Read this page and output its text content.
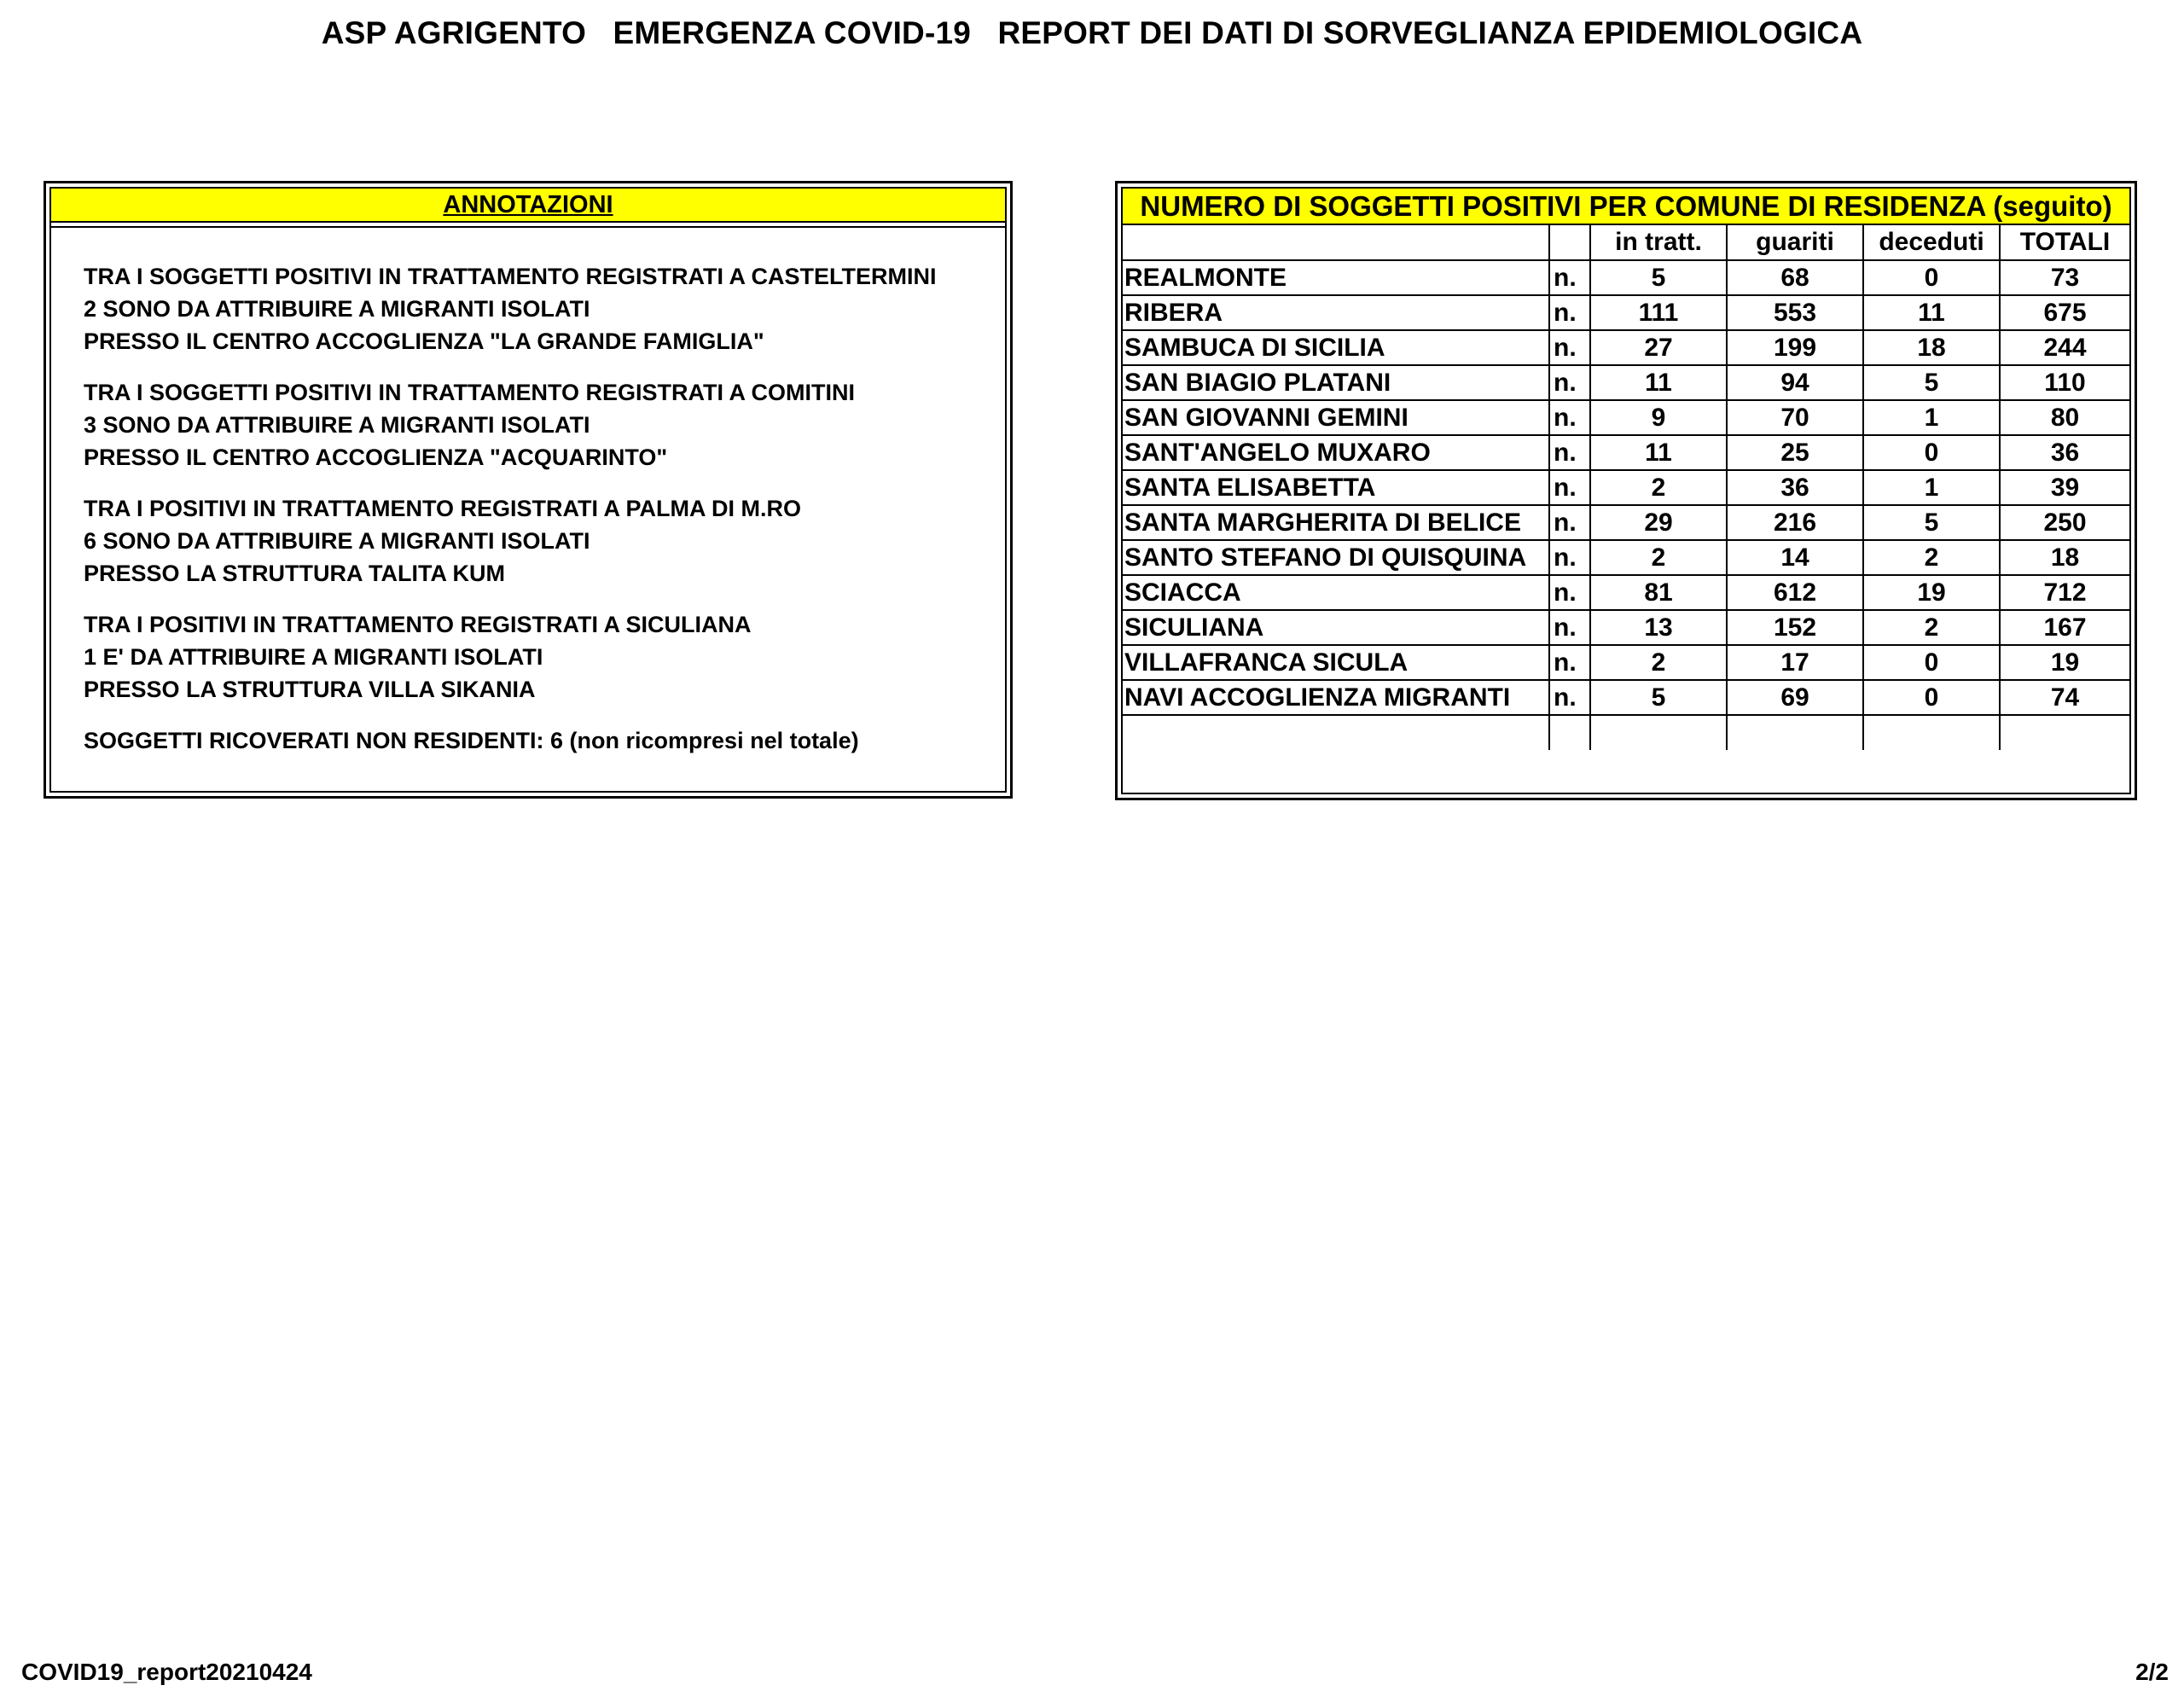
ASP AGRIGENTO   EMERGENZA COVID-19   REPORT DEI DATI DI SORVEGLIANZA EPIDEMIOLOGICA
ANNOTAZIONI
TRA I SOGGETTI POSITIVI IN TRATTAMENTO REGISTRATI A CASTELTERMINI
2 SONO DA ATTRIBUIRE A MIGRANTI ISOLATI
PRESSO IL CENTRO ACCOGLIENZA "LA GRANDE FAMIGLIA"
TRA I SOGGETTI POSITIVI IN TRATTAMENTO REGISTRATI A COMITINI
3 SONO DA ATTRIBUIRE A MIGRANTI ISOLATI
PRESSO IL CENTRO ACCOGLIENZA "ACQUARINTO"
TRA I POSITIVI IN TRATTAMENTO REGISTRATI A PALMA DI M.RO
6 SONO DA ATTRIBUIRE A MIGRANTI ISOLATI
PRESSO LA STRUTTURA TALITA KUM
TRA I POSITIVI IN TRATTAMENTO REGISTRATI A SICULIANA
1 E' DA ATTRIBUIRE A MIGRANTI ISOLATI
PRESSO LA STRUTTURA VILLA SIKANIA
SOGGETTI RICOVERATI NON RESIDENTI: 6 (non ricompresi nel totale)
NUMERO DI SOGGETTI POSITIVI PER COMUNE DI RESIDENZA (seguito)
		in tratt.	guariti	deceduti	TOTALI
REALMONTE	n.	5	68	0	73
RIBERA	n.	111	553	11	675
SAMBUCA DI SICILIA	n.	27	199	18	244
SAN BIAGIO PLATANI	n.	11	94	5	110
SAN GIOVANNI GEMINI	n.	9	70	1	80
SANT'ANGELO MUXARO	n.	11	25	0	36
SANTA ELISABETTA	n.	2	36	1	39
SANTA MARGHERITA DI BELICE	n.	29	216	5	250
SANTO STEFANO DI QUISQUINA	n.	2	14	2	18
SCIACCA	n.	81	612	19	712
SICULIANA	n.	13	152	2	167
VILLAFRANCA SICULA	n.	2	17	0	19
NAVI ACCOGLIENZA MIGRANTI	n.	5	69	0	74

COVID19_report20210424	2/2
